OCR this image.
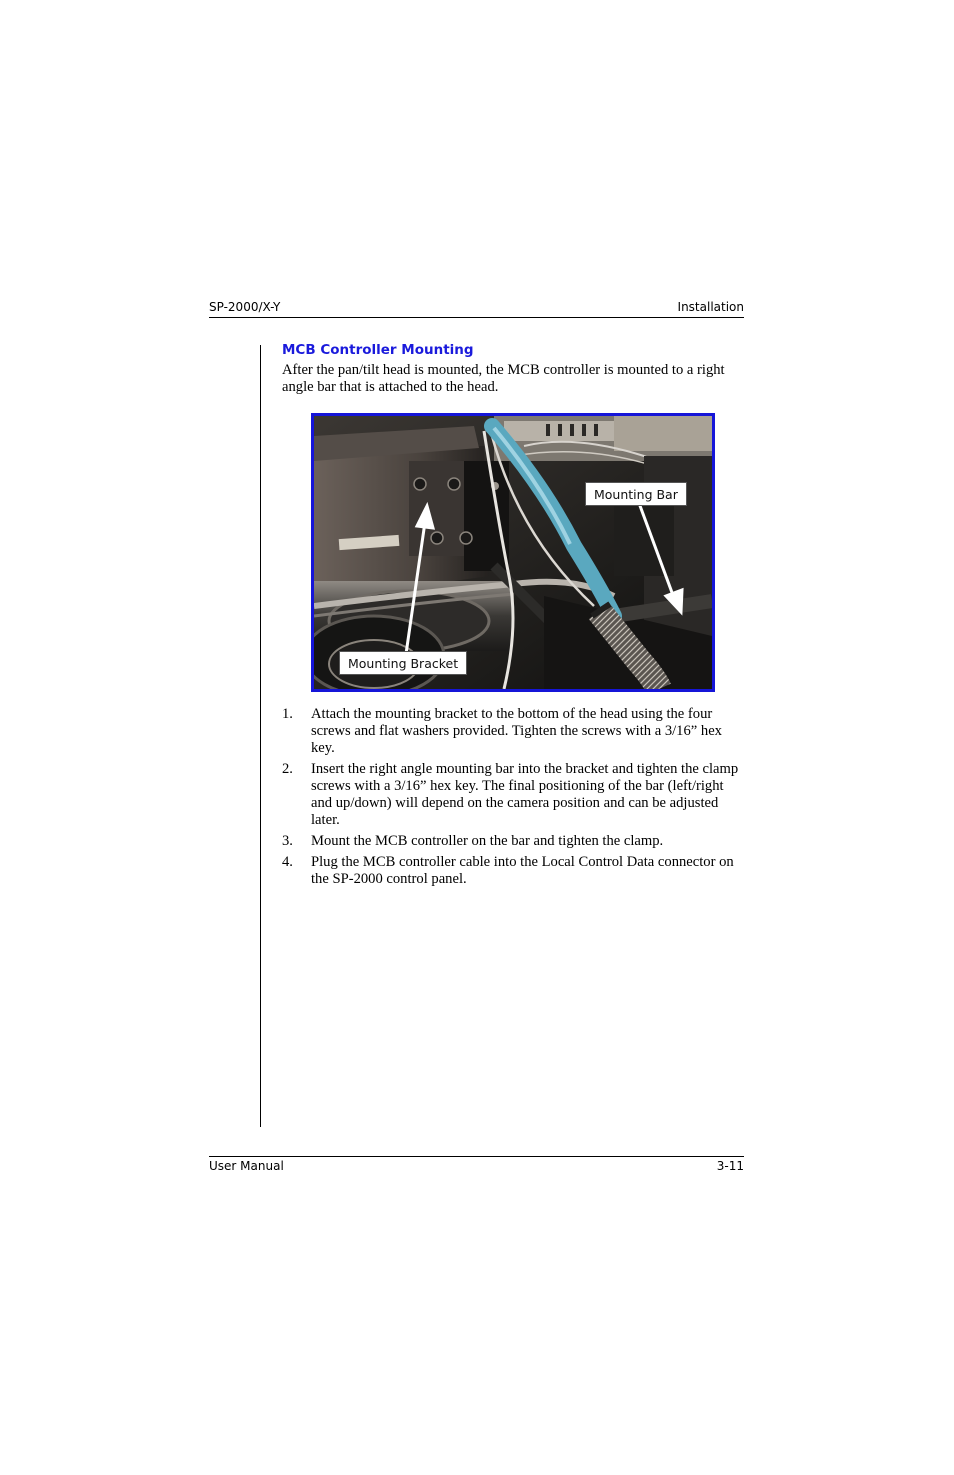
SP-2000/X-Y	Installation
MCB Controller Mounting
After the pan/tilt head is mounted, the MCB controller is mounted to a right angle bar that is attached to the head.
Mounting Bar
Mounting Bracket
1. Attach the mounting bracket to the bottom of the head using the four screws and flat washers provided. Tighten the screws with a 3/16” hex key.
2. Insert the right angle mounting bar into the bracket and tighten the clamp screws with a 3/16” hex key. The final positioning of the bar (left/right and up/down) will depend on the camera position and can be adjusted later.
3. Mount the MCB controller on the bar and tighten the clamp.
4. Plug the MCB controller cable into the Local Control Data connector on the SP-2000 control panel.
User Manual	3-11
